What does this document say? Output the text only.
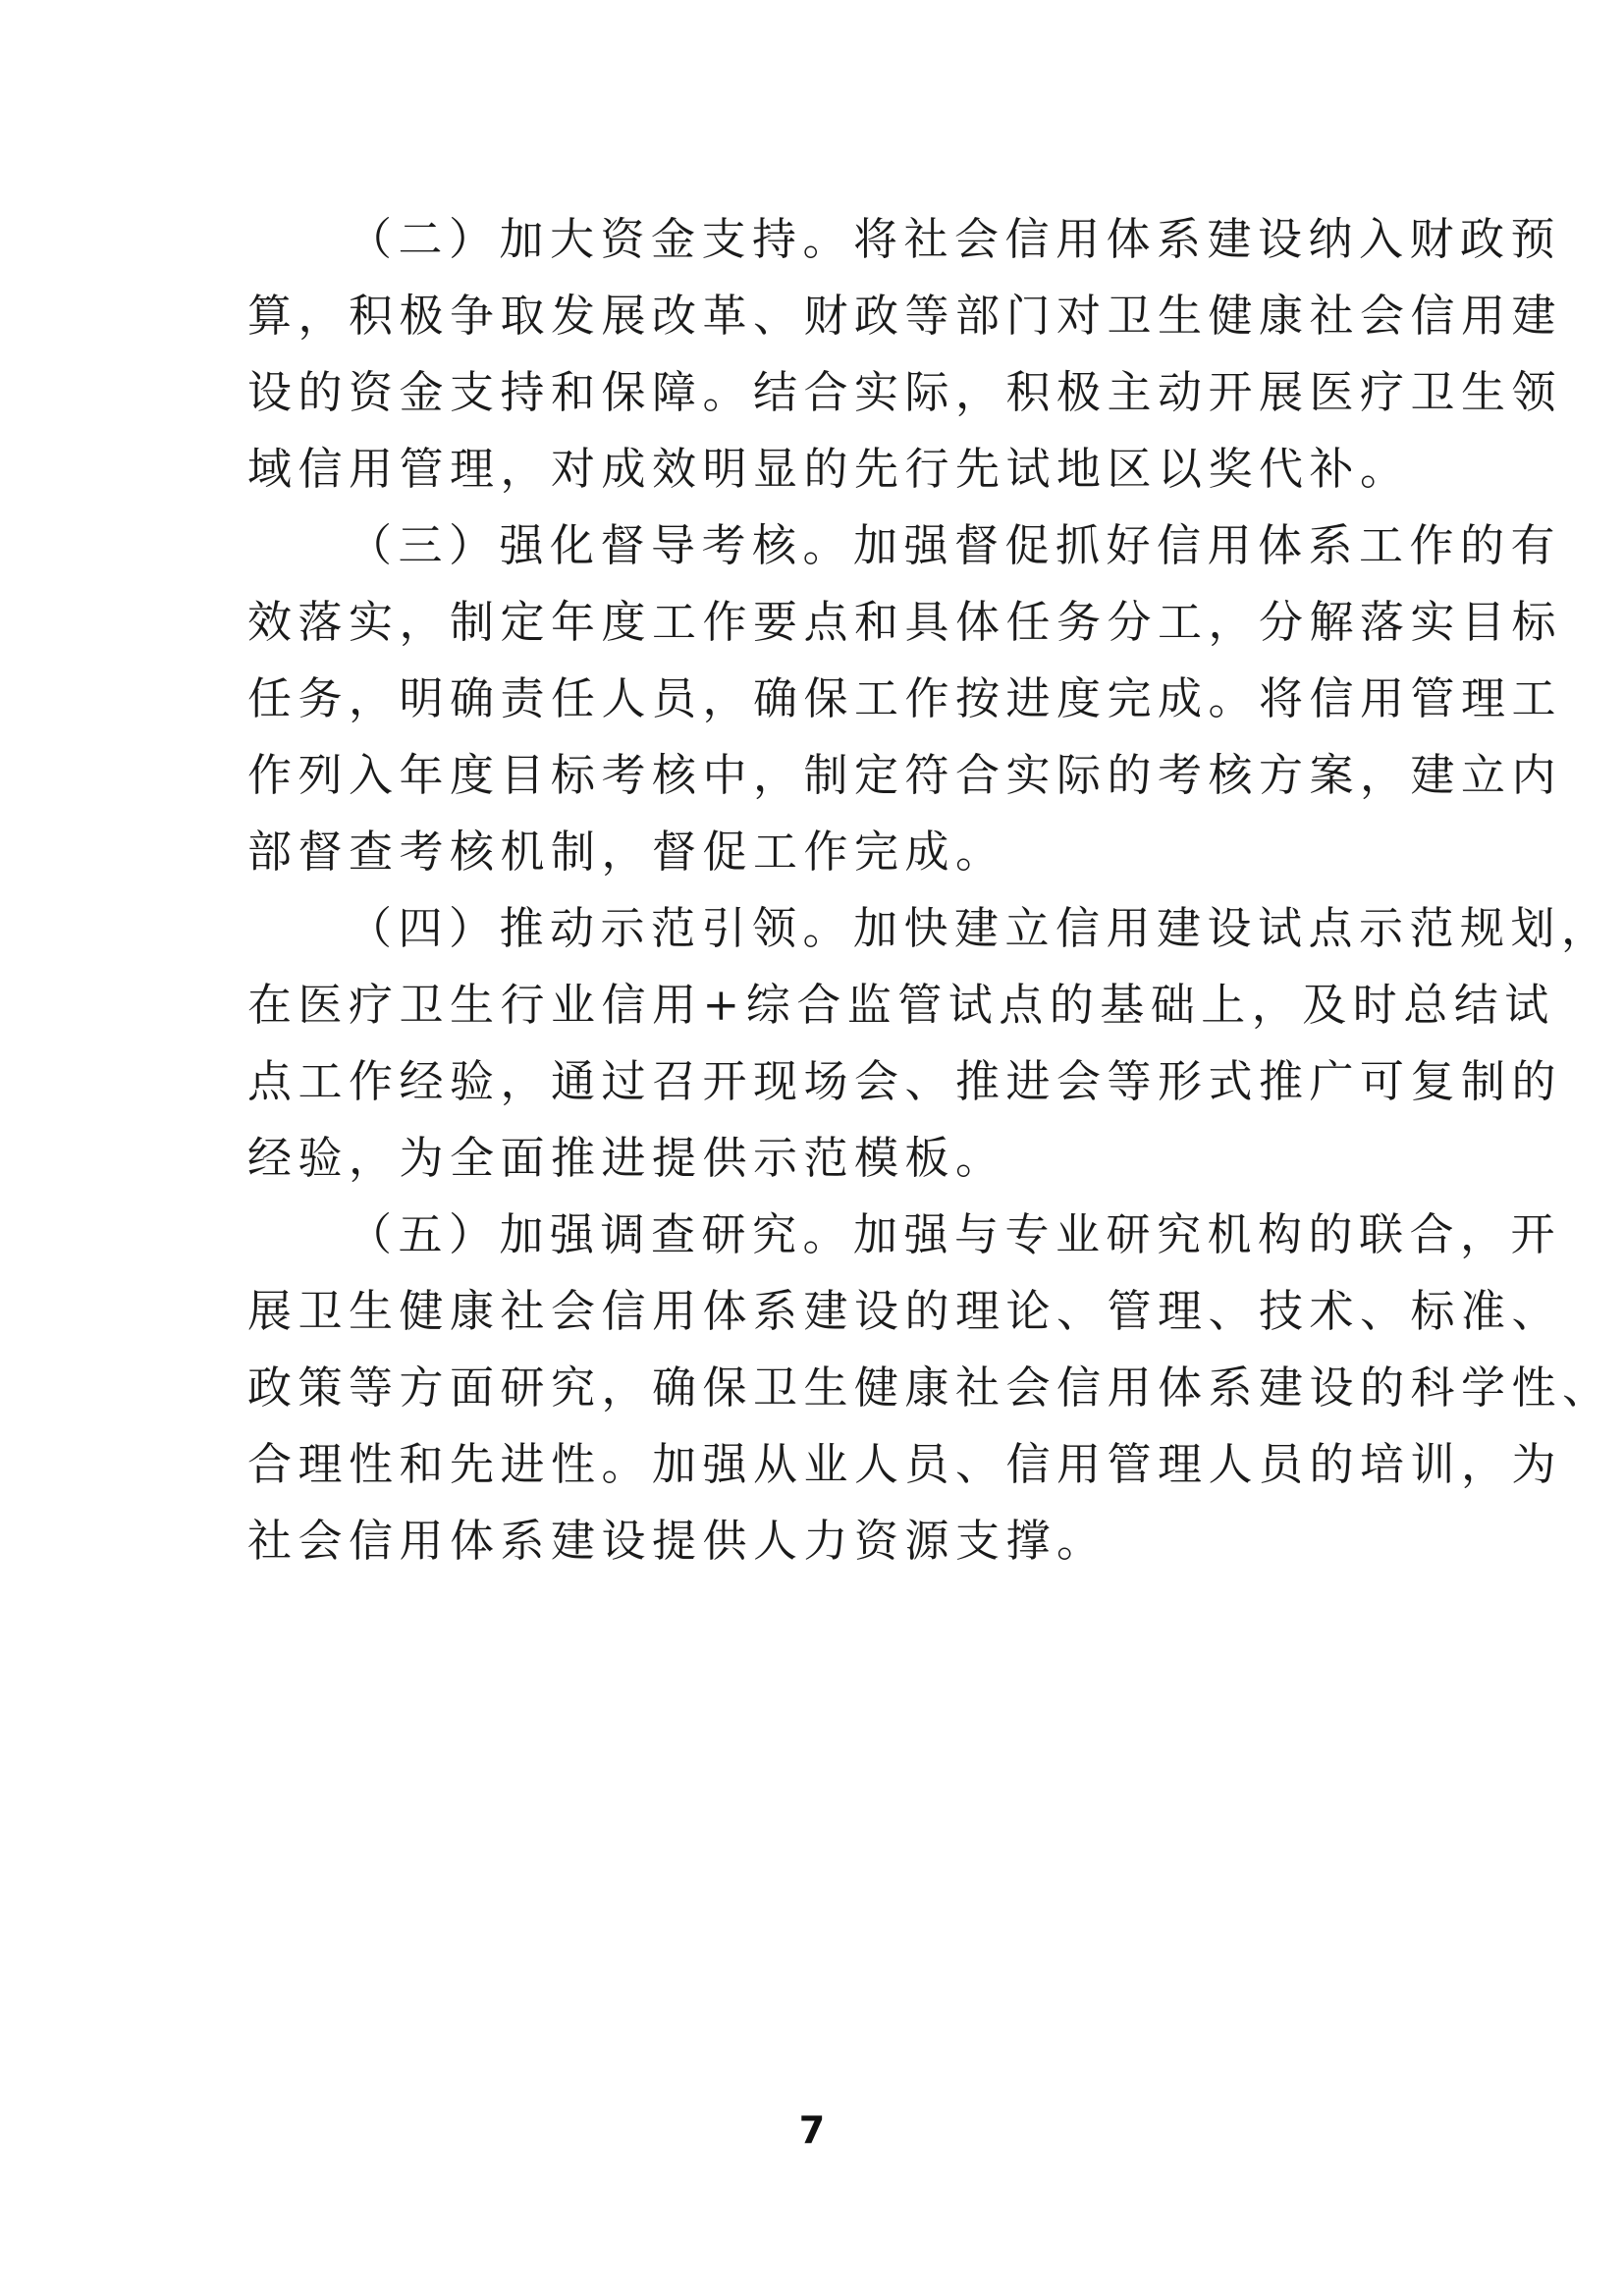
（二）加大资金支持。将社会信用体系建设纳入财政预
算，积极争取发展改革、财政等部门对卫生健康社会信用建
设的资金支持和保障。结合实际，积极主动开展医疗卫生领
域信用管理，对成效明显的先行先试地区以奖代补。
（三）强化督导考核。加强督促抓好信用体系工作的有
效落实，制定年度工作要点和具体任务分工，分解落实目标
任务，明确责任人员，确保工作按进度完成。将信用管理工
作列入年度目标考核中，制定符合实际的考核方案，建立内
部督查考核机制，督促工作完成。
（四）推动示范引领。加快建立信用建设试点示范规划，
在医疗卫生行业信用+综合监管试点的基础上，及时总结试
点工作经验，通过召开现场会、推进会等形式推广可复制的
经验，为全面推进提供示范模板。
（五）加强调查研究。加强与专业研究机构的联合，开
展卫生健康社会信用体系建设的理论、管理、技术、标准、
政策等方面研究，确保卫生健康社会信用体系建设的科学性、
合理性和先进性。加强从业人员、信用管理人员的培训，为
社会信用体系建设提供人力资源支撑。
7
